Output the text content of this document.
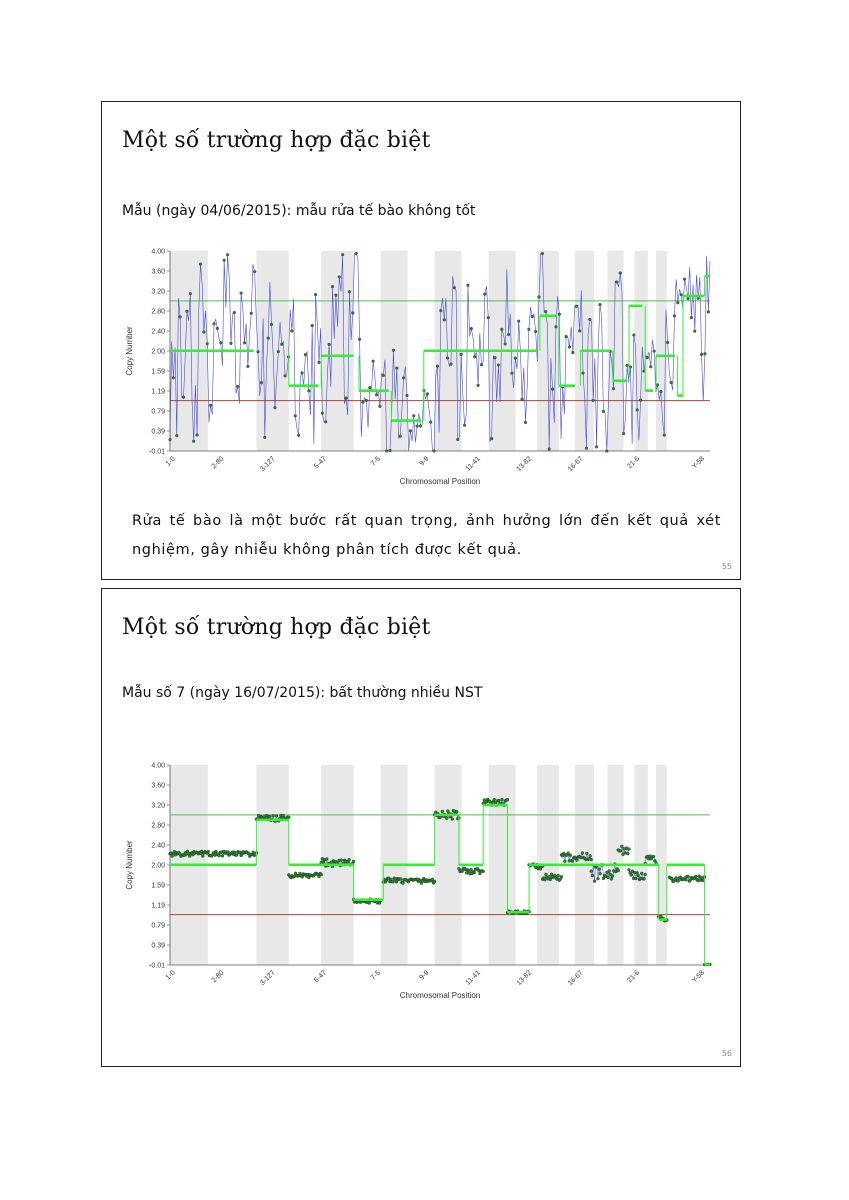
Một số trường hợp đặc biệt
Mẫu (ngày 04/06/2015): mẫu rửa tế bào không tốt
4.00
3.60
3.20
2.80
2.40
2.00
1.59
1.19
0.79
0.39
-0.01
1-0	2-80	3-127	5-47	7-5	9-9	11-41	13-82	16-67	21-6	Y-58
Copy Number
Chromosomal Position

Rửa tế bào là một bước rất quan trọng, ảnh hưởng lớn đến kết quả xét nghiệm, gây nhiễu không phân tích được kết quả.

55
Một số trường hợp đặc biệt
Mẫu số 7 (ngày 16/07/2015): bất thường nhiều NST
4.00
3.60
3.20
2.80
2.40
2.00
1.59
1.19
0.79
0.39
-0.01
1-0	2-80	3-127	5-47	7-5	9-9	11-41	13-82	16-67	21-6	Y-58
Copy Number
Chromosomal Position
56
